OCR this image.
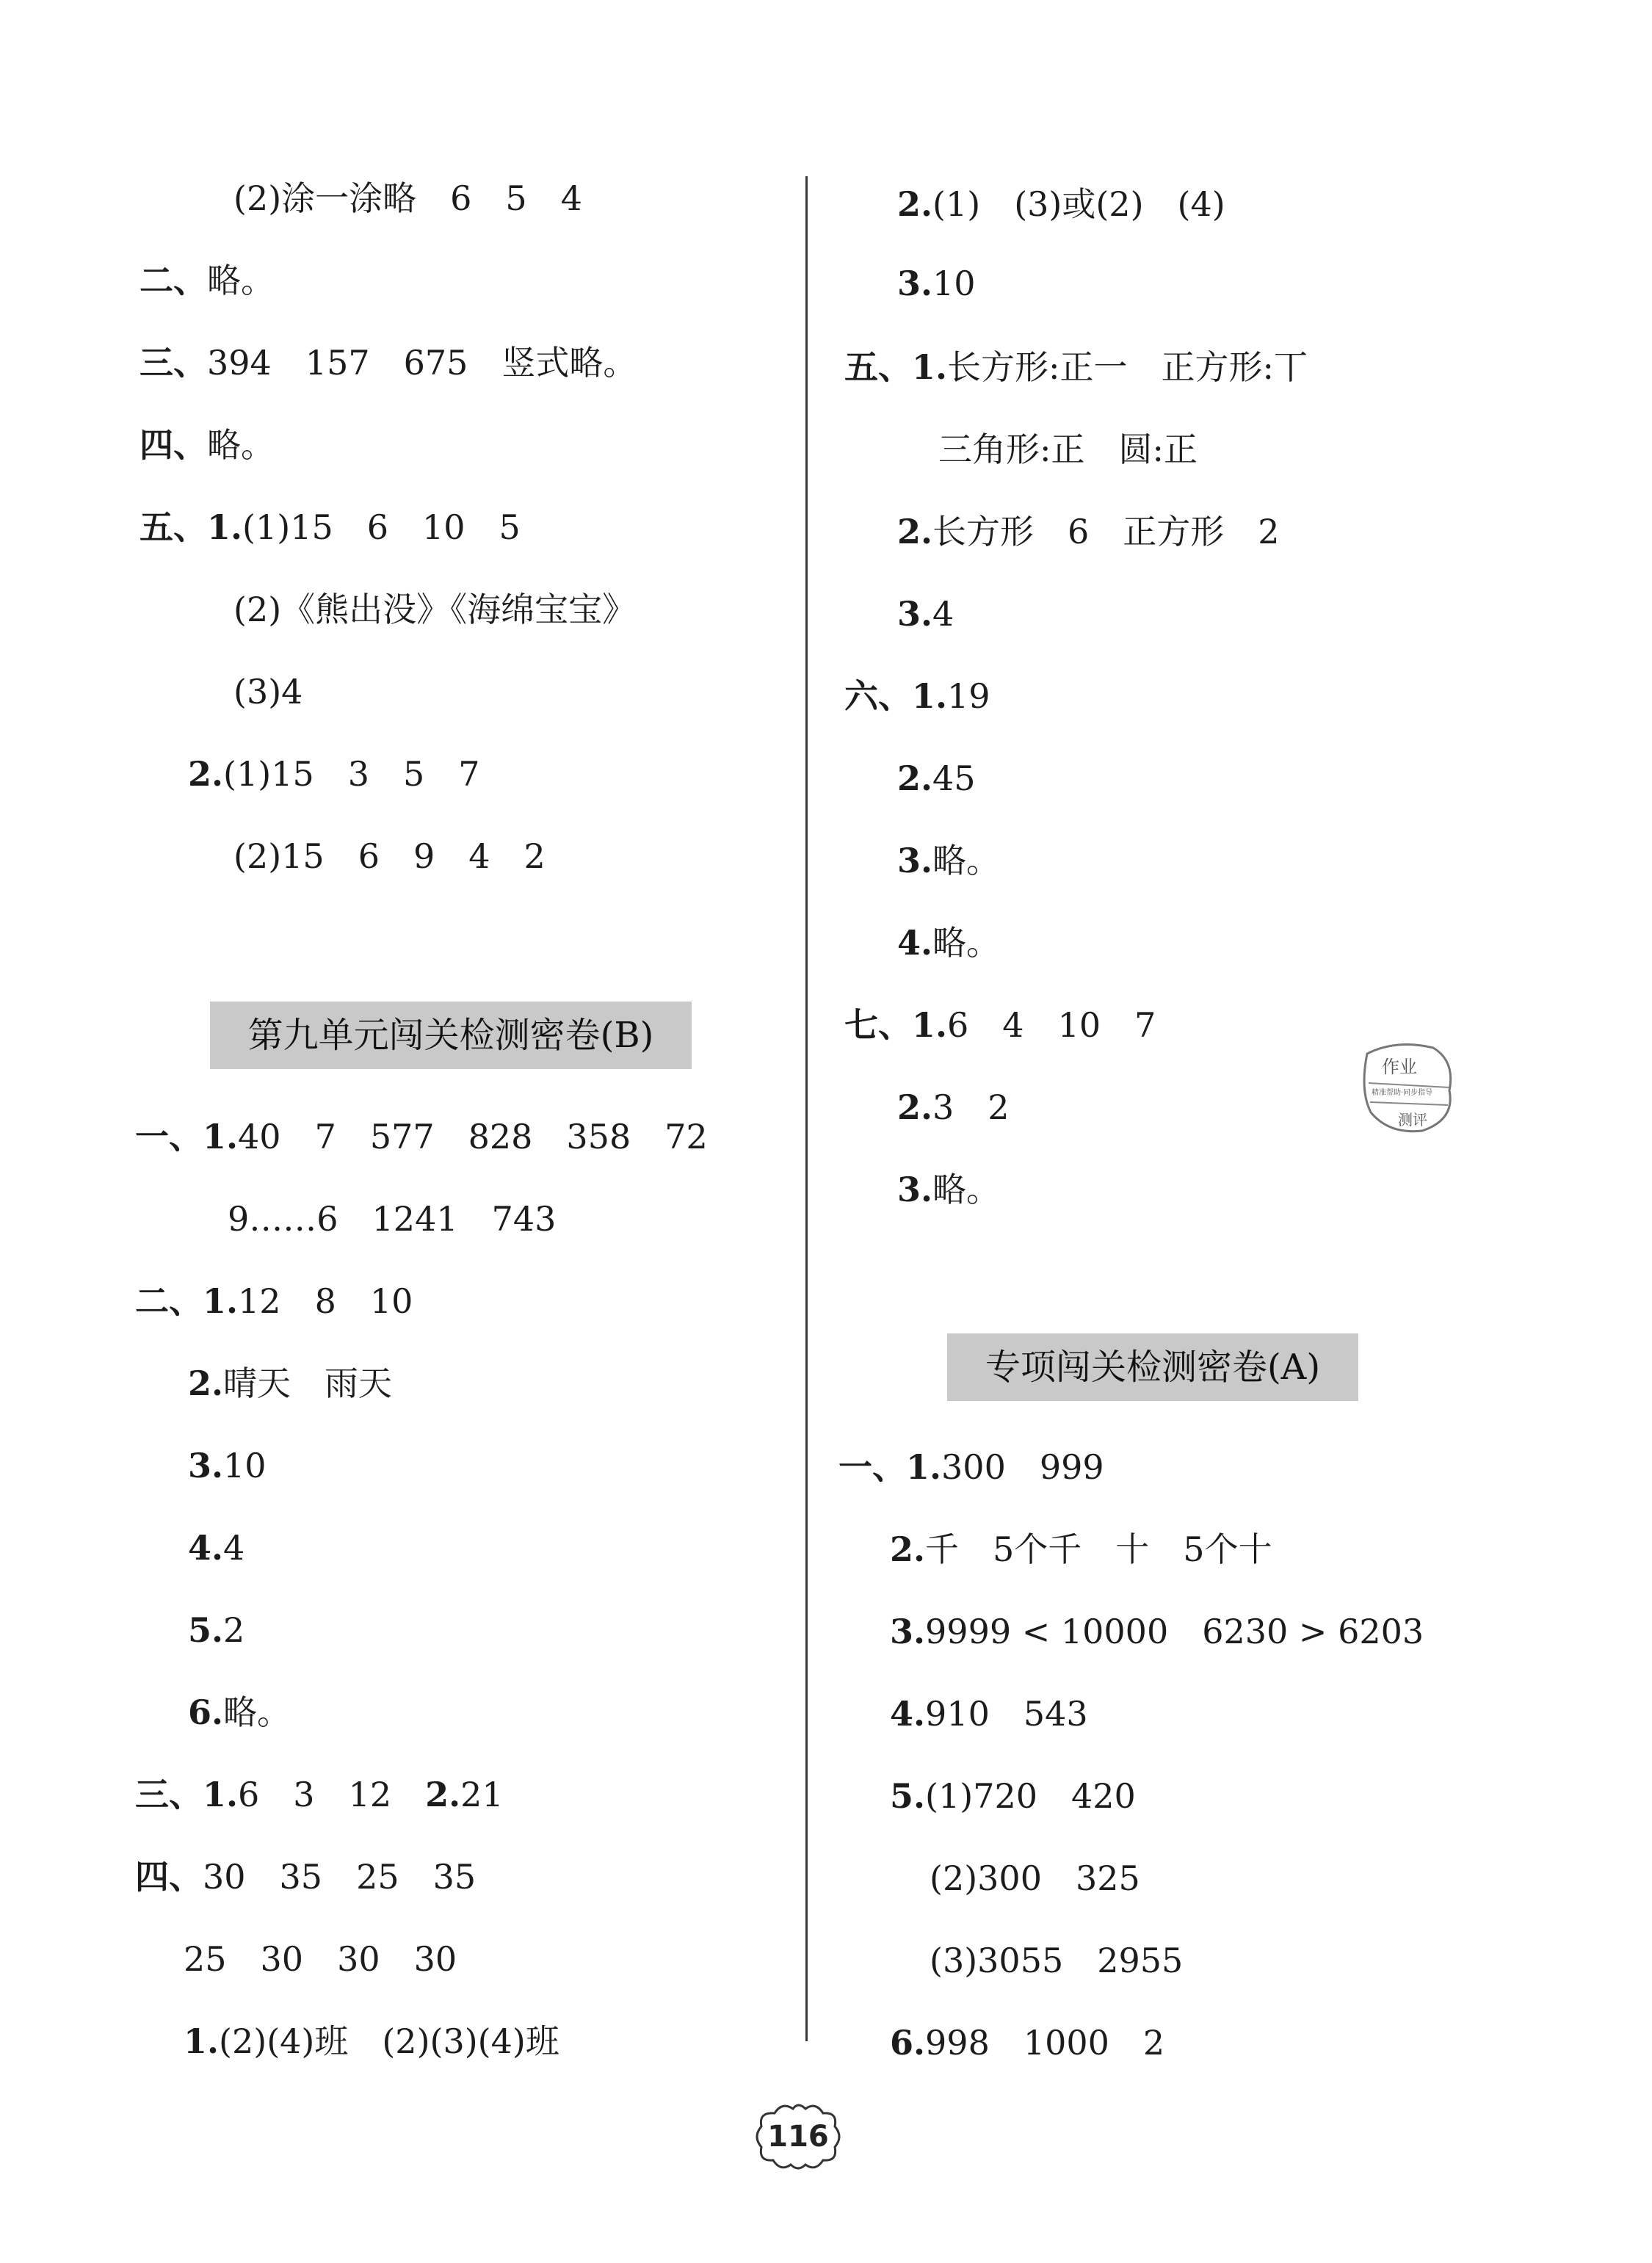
(2)涂一涂略　6　5　4

二、略。

三、394　157　675　竖式略。

四、略。

五、1.(1)15　6　10　5

(2)《熊出没》《海绵宝宝》

(3)4

2.(1)15　3　5　7

(2)15　6　9　4　2

第九单元闯关检测密卷(B)

一、1.40　7　577　828　358　72

9……6　1241　743

二、1.12　8　10

2.晴天　雨天

3.10

4.4

5.2

6.略。

三、1.6　3　12　2.21

四、30　35　25　35

25　30　30　30

1.(2)(4)班　(2)(3)(4)班

2.(1)　(3)或(2)　(4)

3.10

五、1.长方形:正一　正方形:丅

三角形:正　圆:正

2.长方形　6　正方形　2

3.4

六、1.19

2.45

3.略。

4.略。

七、1.6　4　10　7

2.3　2

3.略。

专项闯关检测密卷(A)

一、1.300　999

2.千　5个千　十　5个十

3.9999 < 10000　6230 > 6203

4.910　543

5.(1)720　420

(2)300　325

(3)3055　2955

6.998　1000　2

作业
精准帮助·同步指导
测评
116
